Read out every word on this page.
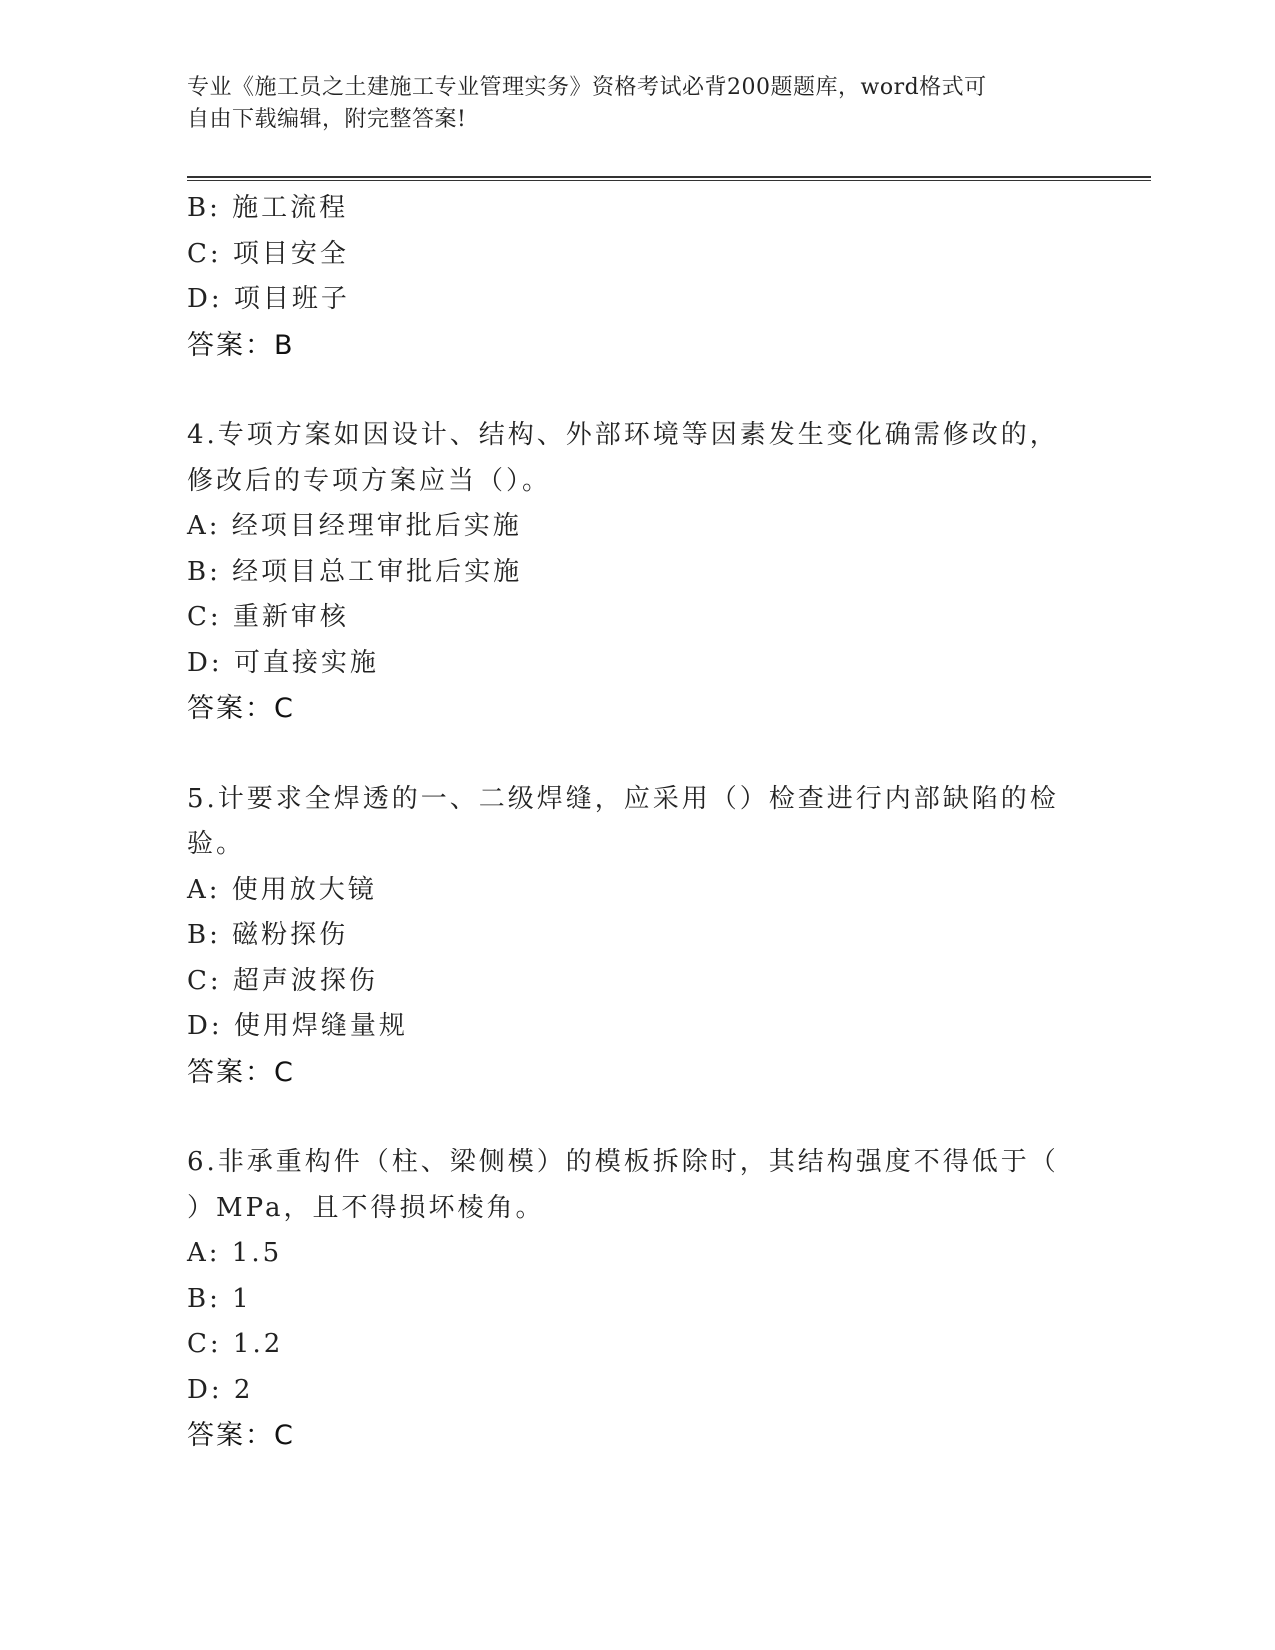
专业《施工员之土建施工专业管理实务》资格考试必背200题题库，word格式可
自由下载编辑，附完整答案!
B: 施工流程
C: 项目安全
D: 项目班子
答案：B
4.专项方案如因设计、结构、外部环境等因素发生变化确需修改的，
修改后的专项方案应当（）。
A: 经项目经理审批后实施
B: 经项目总工审批后实施
C: 重新审核
D: 可直接实施
答案：C
5.计要求全焊透的一、二级焊缝，应采用（）检查进行内部缺陷的检
验。
A: 使用放大镜
B: 磁粉探伤
C: 超声波探伤
D: 使用焊缝量规
答案：C
6.非承重构件（柱、梁侧模）的模板拆除时，其结构强度不得低于（
）MPa，且不得损坏棱角。
A: 1.5
B: 1
C: 1.2
D: 2
答案：C
